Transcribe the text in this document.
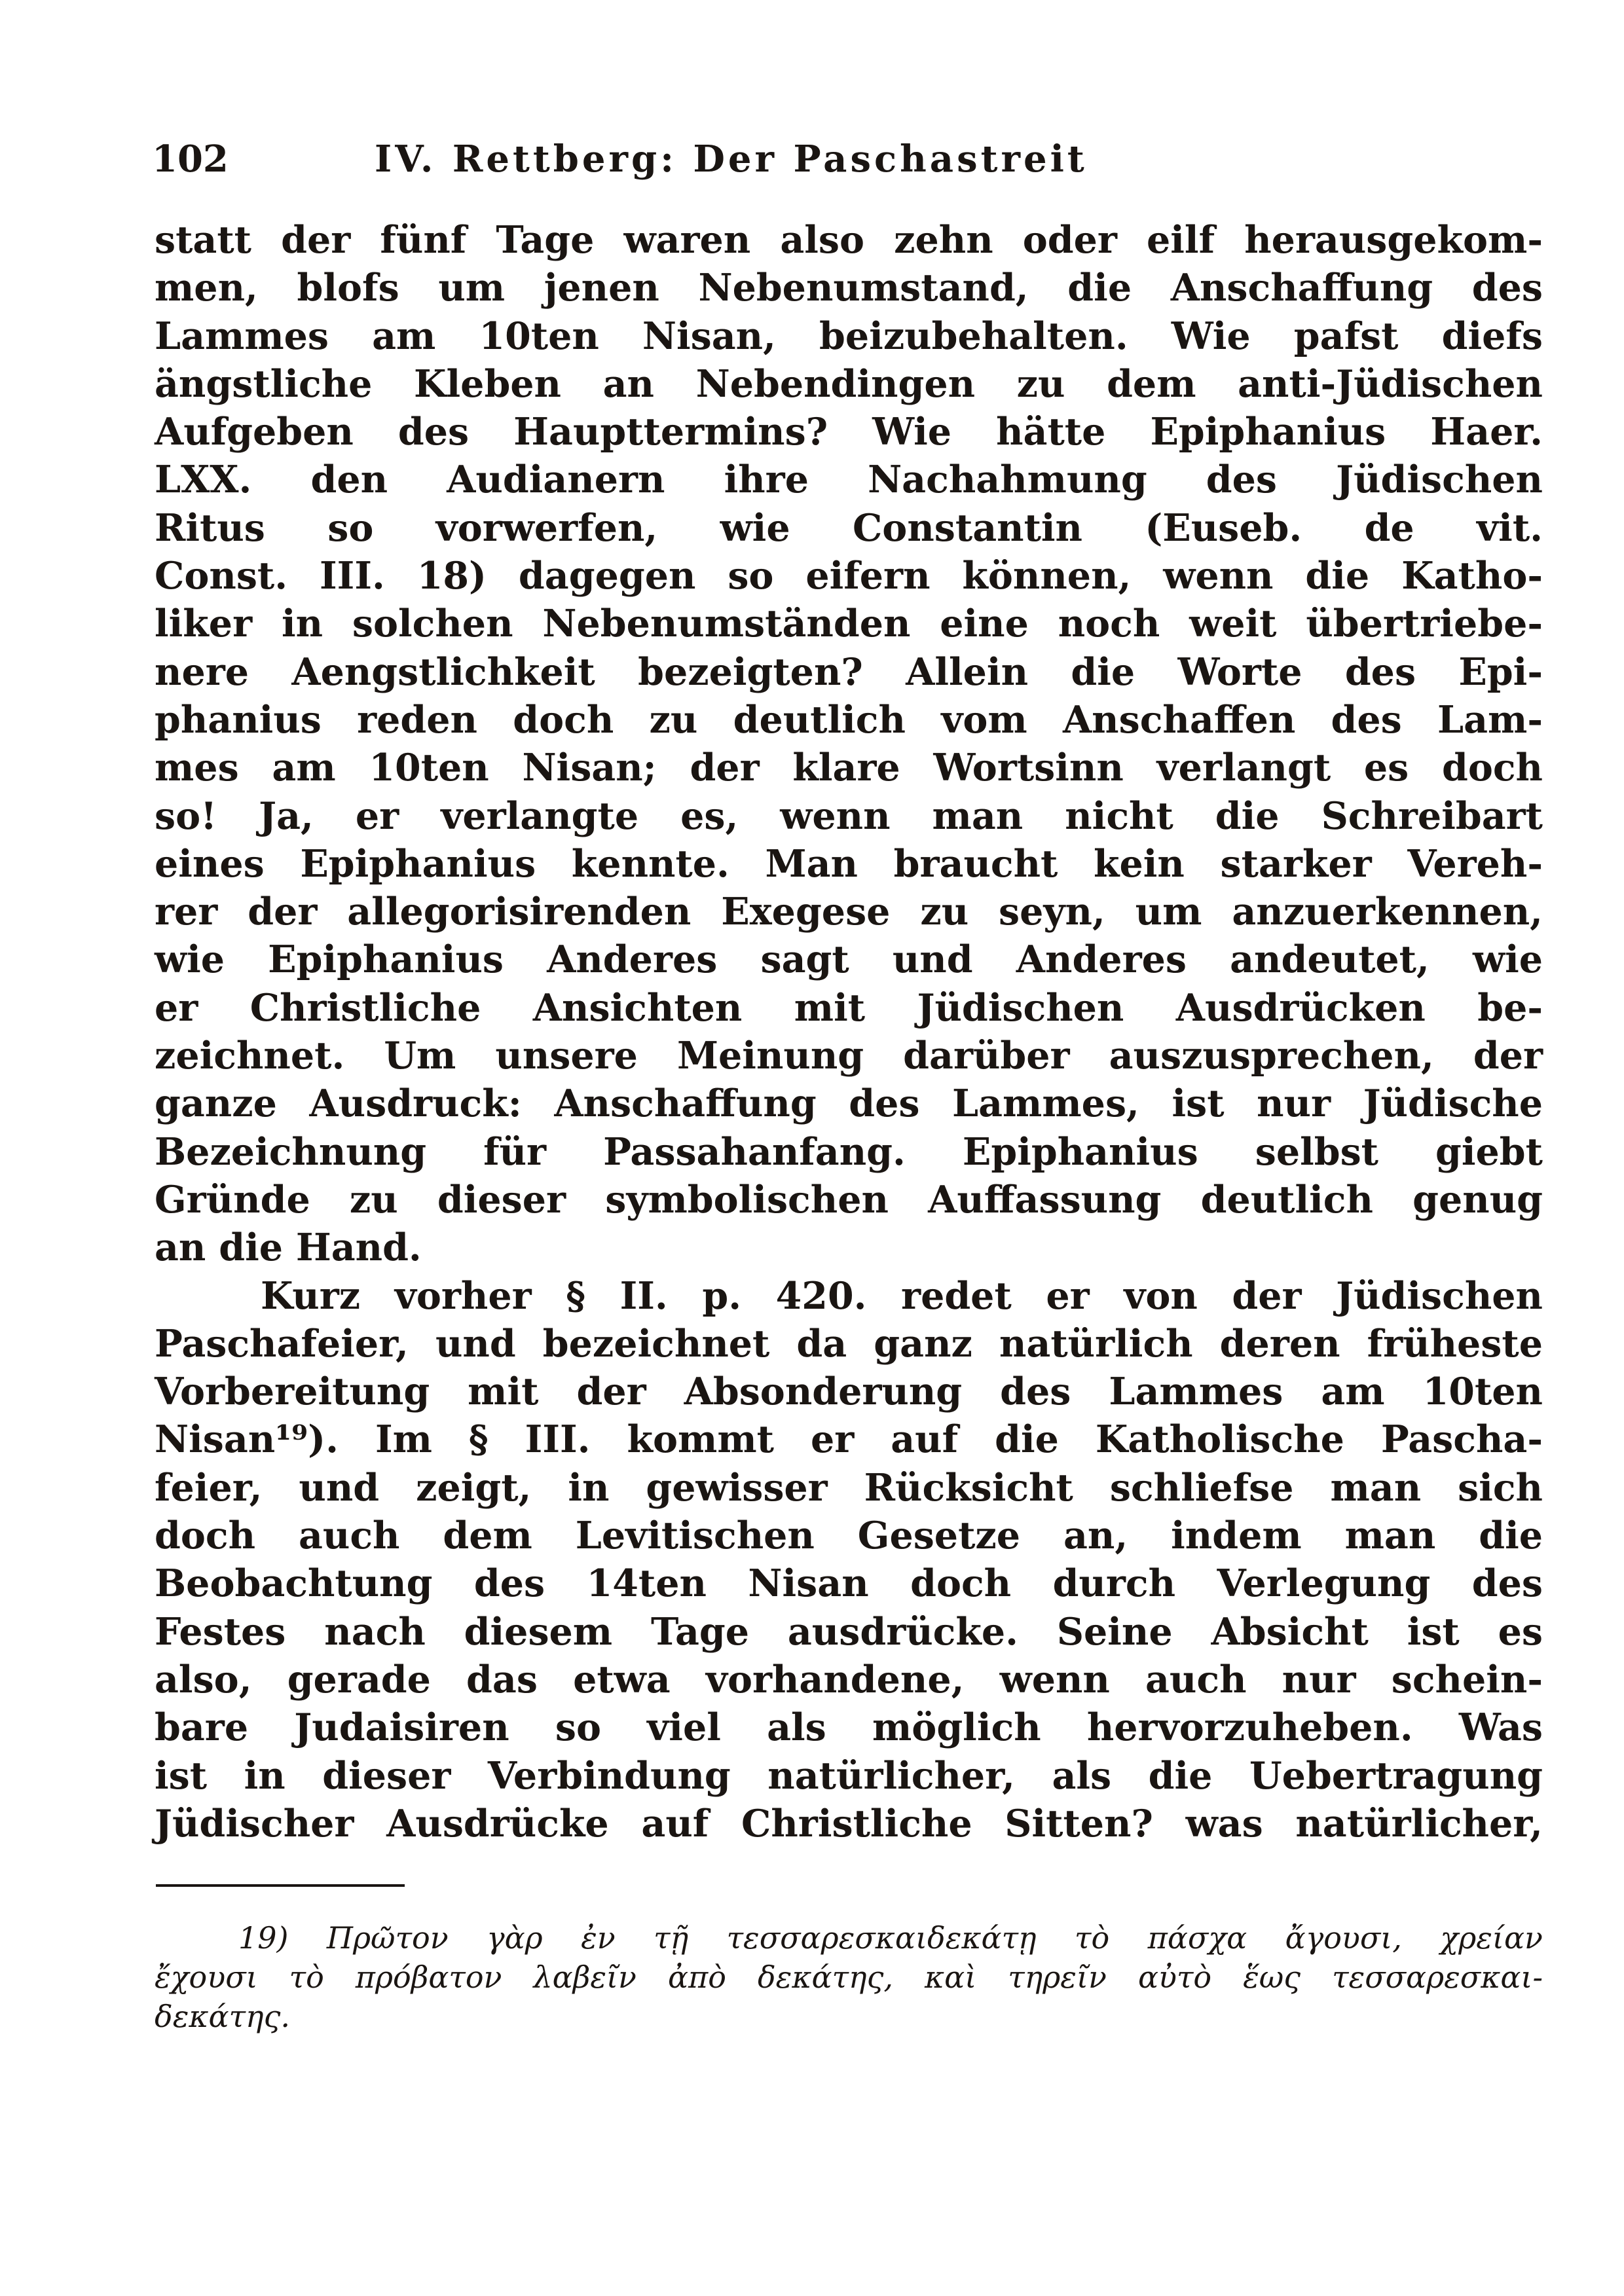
102	IV. Rettberg: Der Paschastreit
statt der fünf Tage waren also zehn oder eilf herausgekom-
men, blofs um jenen Nebenumstand, die Anschaffung des
Lammes am 10ten Nisan, beizubehalten. Wie pafst diefs
ängstliche Kleben an Nebendingen zu dem anti-Jüdischen
Aufgeben des Haupttermins? Wie hätte Epiphanius Haer.
LXX. den Audianern ihre Nachahmung des Jüdischen
Ritus so vorwerfen, wie Constantin (Euseb. de vit.
Const. III. 18) dagegen so eifern können, wenn die Katho-
liker in solchen Nebenumständen eine noch weit übertriebe-
nere Aengstlichkeit bezeigten? Allein die Worte des Epi-
phanius reden doch zu deutlich vom Anschaffen des Lam-
mes am 10ten Nisan; der klare Wortsinn verlangt es doch
so! Ja, er verlangte es, wenn man nicht die Schreibart
eines Epiphanius kennte. Man braucht kein starker Vereh-
rer der allegorisirenden Exegese zu seyn, um anzuerkennen,
wie Epiphanius Anderes sagt und Anderes andeutet, wie
er Christliche Ansichten mit Jüdischen Ausdrücken be-
zeichnet. Um unsere Meinung darüber auszusprechen, der
ganze Ausdruck: Anschaffung des Lammes, ist nur Jüdische
Bezeichnung für Passahanfang. Epiphanius selbst giebt
Gründe zu dieser symbolischen Auffassung deutlich genug
an die Hand.
Kurz vorher § II. p. 420. redet er von der Jüdischen
Paschafeier, und bezeichnet da ganz natürlich deren früheste
Vorbereitung mit der Absonderung des Lammes am 10ten
Nisan¹⁹). Im § III. kommt er auf die Katholische Pascha-
feier, und zeigt, in gewisser Rücksicht schliefse man sich
doch auch dem Levitischen Gesetze an, indem man die
Beobachtung des 14ten Nisan doch durch Verlegung des
Festes nach diesem Tage ausdrücke. Seine Absicht ist es
also, gerade das etwa vorhandene, wenn auch nur schein-
bare Judaisiren so viel als möglich hervorzuheben. Was
ist in dieser Verbindung natürlicher, als die Uebertragung
Jüdischer Ausdrücke auf Christliche Sitten? was natürlicher,
19) Πρῶτον γὰρ ἐν τῇ τεσσαρεσκαιδεκάτῃ τὸ πάσχα ἄγουσι, χρείαν
ἔχουσι τὸ πρόβατον λαβεῖν ἀπὸ δεκάτης, καὶ τηρεῖν αὐτὸ ἕως τεσσαρεσκαι-
δεκάτης.
